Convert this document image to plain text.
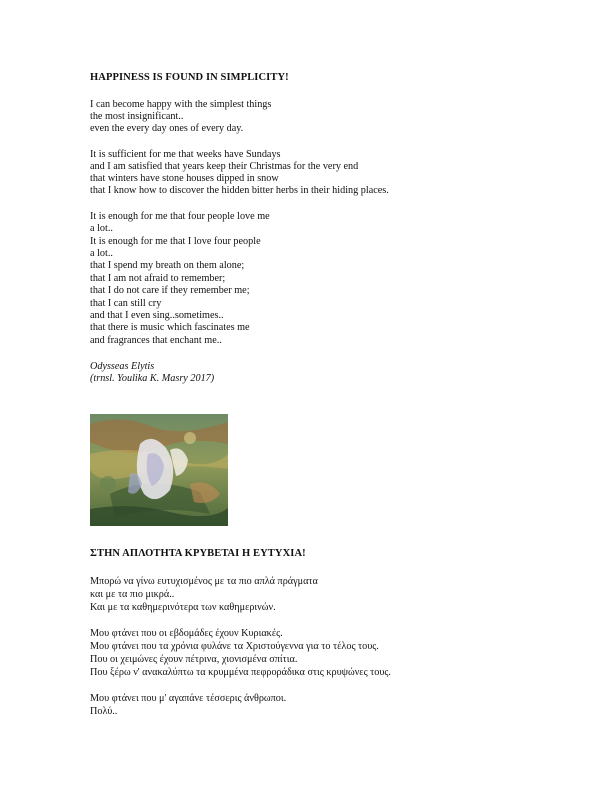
HAPPINESS IS FOUND IN SIMPLICITY!
I can become happy with the simplest things
the most insignificant..
even the every day ones of every day.
It is sufficient for me that weeks have Sundays
and I am satisfied that years keep their Christmas for the very end
that winters have stone houses dipped in snow
that I know how to discover the hidden bitter herbs in their hiding places.
It is enough for me that four people love me
a lot..
It is enough for me that I love four people
a lot..
that I spend my breath on them alone;
that I am not afraid to remember;
that I do not care if they remember me;
that I can still cry
and that I even sing..sometimes..
that there is music which fascinates me
and fragrances that enchant me..
Odysseas Elytis
(trnsl. Youlika K. Masry 2017)
ΣΤΗΝ ΑΠΛΟΤΗΤΑ ΚΡΥΒΕΤΑΙ Η ΕΥΤΥΧΙΑ!
Μπορώ να γίνω ευτυχισμένος με τα πιο απλά πράγματα
και με τα πιο μικρά..
Και με τα καθημερινότερα των καθημερινών.
Μου φτάνει που οι εβδομάδες έχουν Κυριακές.
Μου φτάνει που τα χρόνια φυλάνε τα Χριστούγεννα για το τέλος τους.
Που οι χειμώνες έχουν πέτρινα, χιονισμένα σπίτια.
Που ξέρω ν' ανακαλύπτω τα κρυμμένα πεφροράδικα στις κρυψώνες τους.
Μου φτάνει που μ' αγαπάνε τέσσερις άνθρωποι.
Πολύ..
